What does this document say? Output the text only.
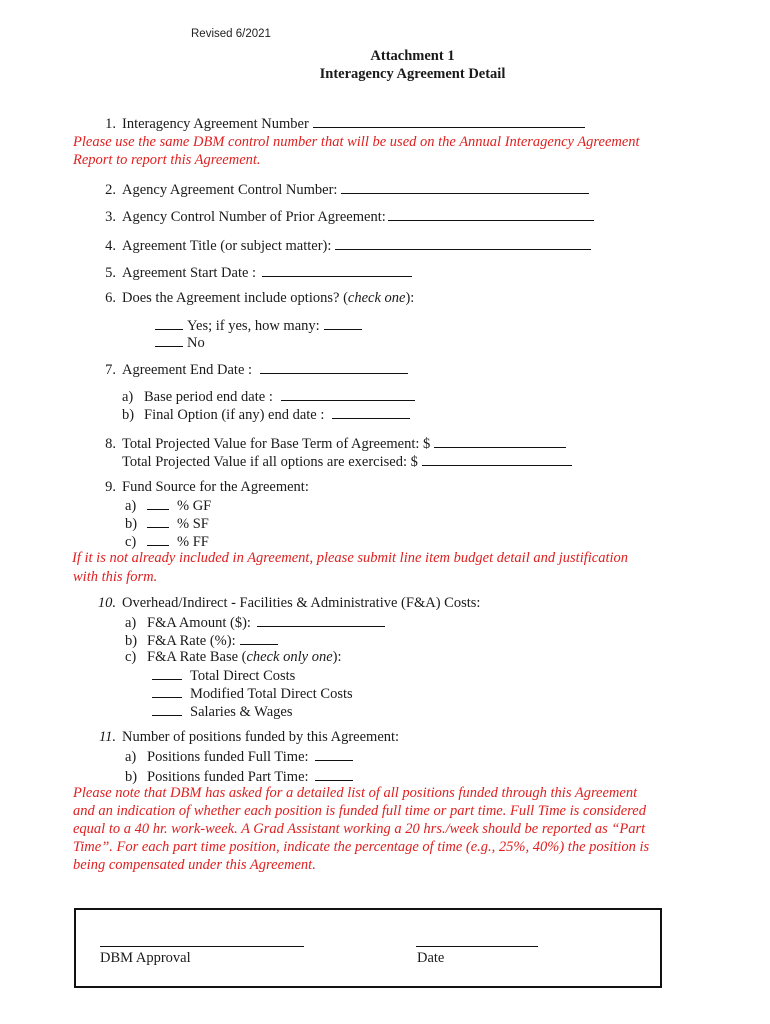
Revised 6/2021
Attachment 1
Interagency Agreement Detail
1. Interagency Agreement Number
Please use the same DBM control number that will be used on the Annual Interagency Agreement
Report to report this Agreement.
2. Agency Agreement Control Number:
3. Agency Control Number of Prior Agreement:
4. Agreement Title (or subject matter):
5. Agreement Start Date :
6. Does the Agreement include options? (check one):
Yes; if yes, how many:
No
7. Agreement End Date :
a) Base period end date :
b) Final Option (if any) end date :
8. Total Projected Value for Base Term of Agreement: $
Total Projected Value if all options are exercised: $
9. Fund Source for the Agreement:
a)	% GF
b)	% SF
c)	% FF
If it is not already included in Agreement, please submit line item budget detail and justification
with this form.
10. Overhead/Indirect - Facilities & Administrative (F&A) Costs:
a) F&A Amount ($):
b) F&A Rate (%):
c) F&A Rate Base (check only one):
Total Direct Costs
Modified Total Direct Costs
Salaries & Wages
11. Number of positions funded by this Agreement:
a) Positions funded Full Time:
b) Positions funded Part Time:
Please note that DBM has asked for a detailed list of all positions funded through this Agreement
and an indication of whether each position is funded full time or part time. Full Time is considered
equal to a 40 hr. work-week. A Grad Assistant working a 20 hrs./week should be reported as “Part
Time”. For each part time position, indicate the percentage of time (e.g., 25%, 40%) the position is
being compensated under this Agreement.
DBM Approval	Date
